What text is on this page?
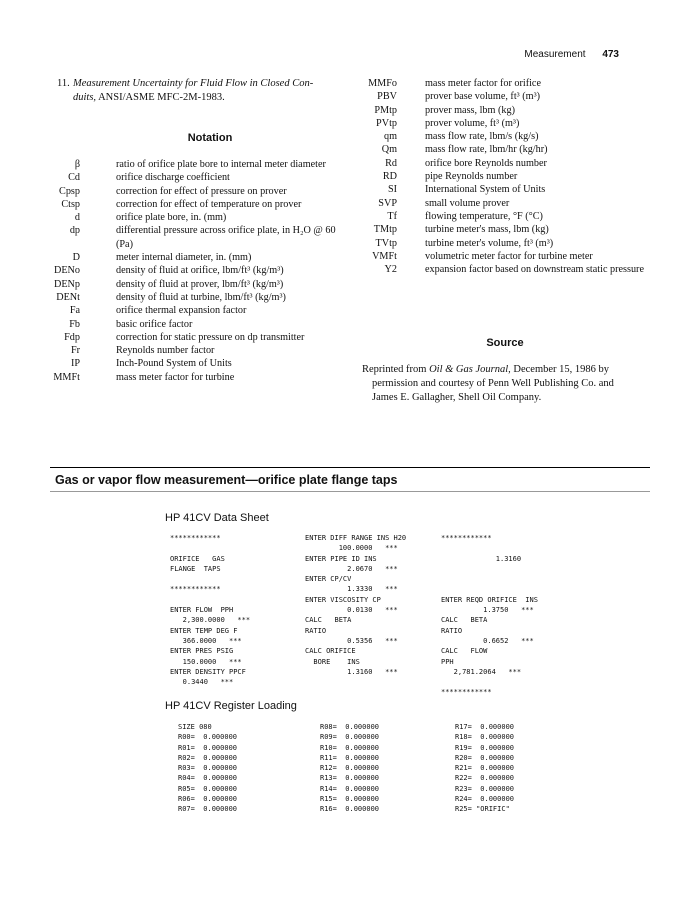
Measurement 473
11. Measurement Uncertainty for Fluid Flow in Closed Con-
duits, ANSI/ASME MFC-2M-1983.
Notation
β	ratio of orifice plate bore to internal meter diameter
Cd	orifice discharge coefficient
Cpsp	correction for effect of pressure on prover
Ctsp	correction for effect of temperature on prover
d	orifice plate bore, in. (mm)
dp	differential pressure across orifice plate, in H₂O @ 60 (Pa)
D	meter internal diameter, in. (mm)
DENo	density of fluid at orifice, lbm/ft³ (kg/m³)
DENp	density of fluid at prover, lbm/ft³ (kg/m³)
DENt	density of fluid at turbine, lbm/ft³ (kg/m³)
Fa	orifice thermal expansion factor
Fb	basic orifice factor
Fdp	correction for static pressure on dp transmitter
Fr	Reynolds number factor
IP	Inch-Pound System of Units
MMFt	mass meter factor for turbine
MMFo	mass meter factor for orifice
PBV	prover base volume, ft³ (m³)
PMtp	prover mass, lbm (kg)
PVtp	prover volume, ft³ (m³)
qm	mass flow rate, lbm/s (kg/s)
Qm	mass flow rate, lbm/hr (kg/hr)
Rd	orifice bore Reynolds number
RD	pipe Reynolds number
SI	International System of Units
SVP	small volume prover
Tf	flowing temperature, °F (°C)
TMtp	turbine meter's mass, lbm (kg)
TVtp	turbine meter's volume, ft³ (m³)
VMFt	volumetric meter factor for turbine meter
Y2	expansion factor based on downstream static pressure
Source
Reprinted from Oil & Gas Journal, December 15, 1986 by
permission and courtesy of Penn Well Publishing Co. and
James E. Gallagher, Shell Oil Company.
Gas or vapor flow measurement—orifice plate flange taps
HP 41CV Data Sheet
************

ORIFICE   GAS
FLANGE  TAPS

************

ENTER FLOW  PPH
2,300.0000   ***
ENTER TEMP DEG F
366.0000   ***
ENTER PRES PSIG
150.0000   ***
ENTER DENSITY PPCF
0.3440   ***
ENTER DIFF RANGE INS H20
100.0000   ***
ENTER PIPE ID INS
2.0670   ***
ENTER CP/CV
1.3330   ***
ENTER VISCOSITY CP
0.0130   ***
CALC   BETA
RATIO
0.5356   ***
CALC ORIFICE
BORE    INS
1.3160   ***
************

1.3160

ENTER REQD ORIFICE  INS
1.3750   ***
CALC   BETA
RATIO
0.6652   ***
CALC   FLOW
PPH
2,781.2064   ***

************
HP 41CV Register Loading
SIZE 080
R00=  0.000000
R01=  0.000000
R02=  0.000000
R03=  0.000000
R04=  0.000000
R05=  0.000000
R06=  0.000000
R07=  0.000000
R08=  0.000000
R09=  0.000000
R10=  0.000000
R11=  0.000000
R12=  0.000000
R13=  0.000000
R14=  0.000000
R15=  0.000000
R16=  0.000000
R17=  0.000000
R18=  0.000000
R19=  0.000000
R20=  0.000000
R21=  0.000000
R22=  0.000000
R23=  0.000000
R24=  0.000000
R25= "ORIFIC"
